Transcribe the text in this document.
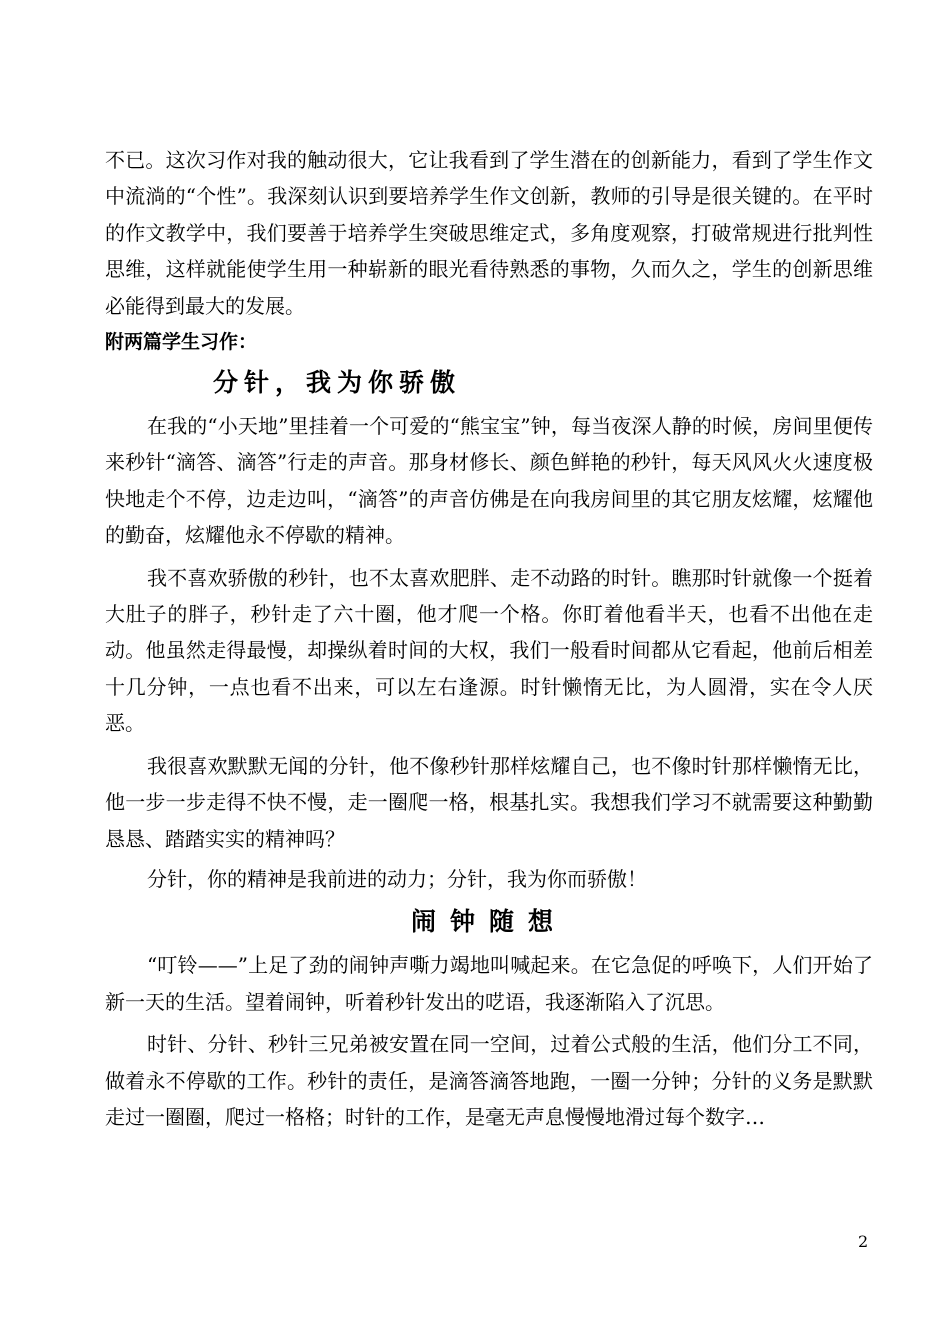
不已。这次习作对我的触动很大，它让我看到了学生潜在的创新能力，看到了学生作文中流淌的“个性”。我深刻认识到要培养学生作文创新，教师的引导是很关键的。在平时的作文教学中，我们要善于培养学生突破思维定式，多角度观察，打破常规进行批判性思维，这样就能使学生用一种崭新的眼光看待熟悉的事物，久而久之，学生的创新思维必能得到最大的发展。

附两篇学生习作：

分针，我为你骄傲

在我的“小天地”里挂着一个可爱的“熊宝宝”钟，每当夜深人静的时候，房间里便传来秒针“滴答、滴答”行走的声音。那身材修长、颜色鲜艳的秒针，每天风风火火速度极快地走个不停，边走边叫，“滴答”的声音仿佛是在向我房间里的其它朋友炫耀，炫耀他的勤奋，炫耀他永不停歇的精神。

我不喜欢骄傲的秒针，也不太喜欢肥胖、走不动路的时针。瞧那时针就像一个挺着大肚子的胖子，秒针走了六十圈，他才爬一个格。你盯着他看半天，也看不出他在走动。他虽然走得最慢，却操纵着时间的大权，我们一般看时间都从它看起，他前后相差十几分钟，一点也看不出来，可以左右逢源。时针懒惰无比，为人圆滑，实在令人厌恶。

我很喜欢默默无闻的分针，他不像秒针那样炫耀自己，也不像时针那样懒惰无比，他一步一步走得不快不慢，走一圈爬一格，根基扎实。我想我们学习不就需要这种勤勤恳恳、踏踏实实的精神吗？

分针，你的精神是我前进的动力；分针，我为你而骄傲！

闹钟随想

“叮铃——”上足了劲的闹钟声嘶力竭地叫喊起来。在它急促的呼唤下，人们开始了新一天的生活。望着闹钟，听着秒针发出的呓语，我逐渐陷入了沉思。

时针、分针、秒针三兄弟被安置在同一空间，过着公式般的生活，他们分工不同，做着永不停歇的工作。秒针的责任，是滴答滴答地跑，一圈一分钟；分针的义务是默默走过一圈圈，爬过一格格；时针的工作，是毫无声息慢慢地滑过每个数字…

2
